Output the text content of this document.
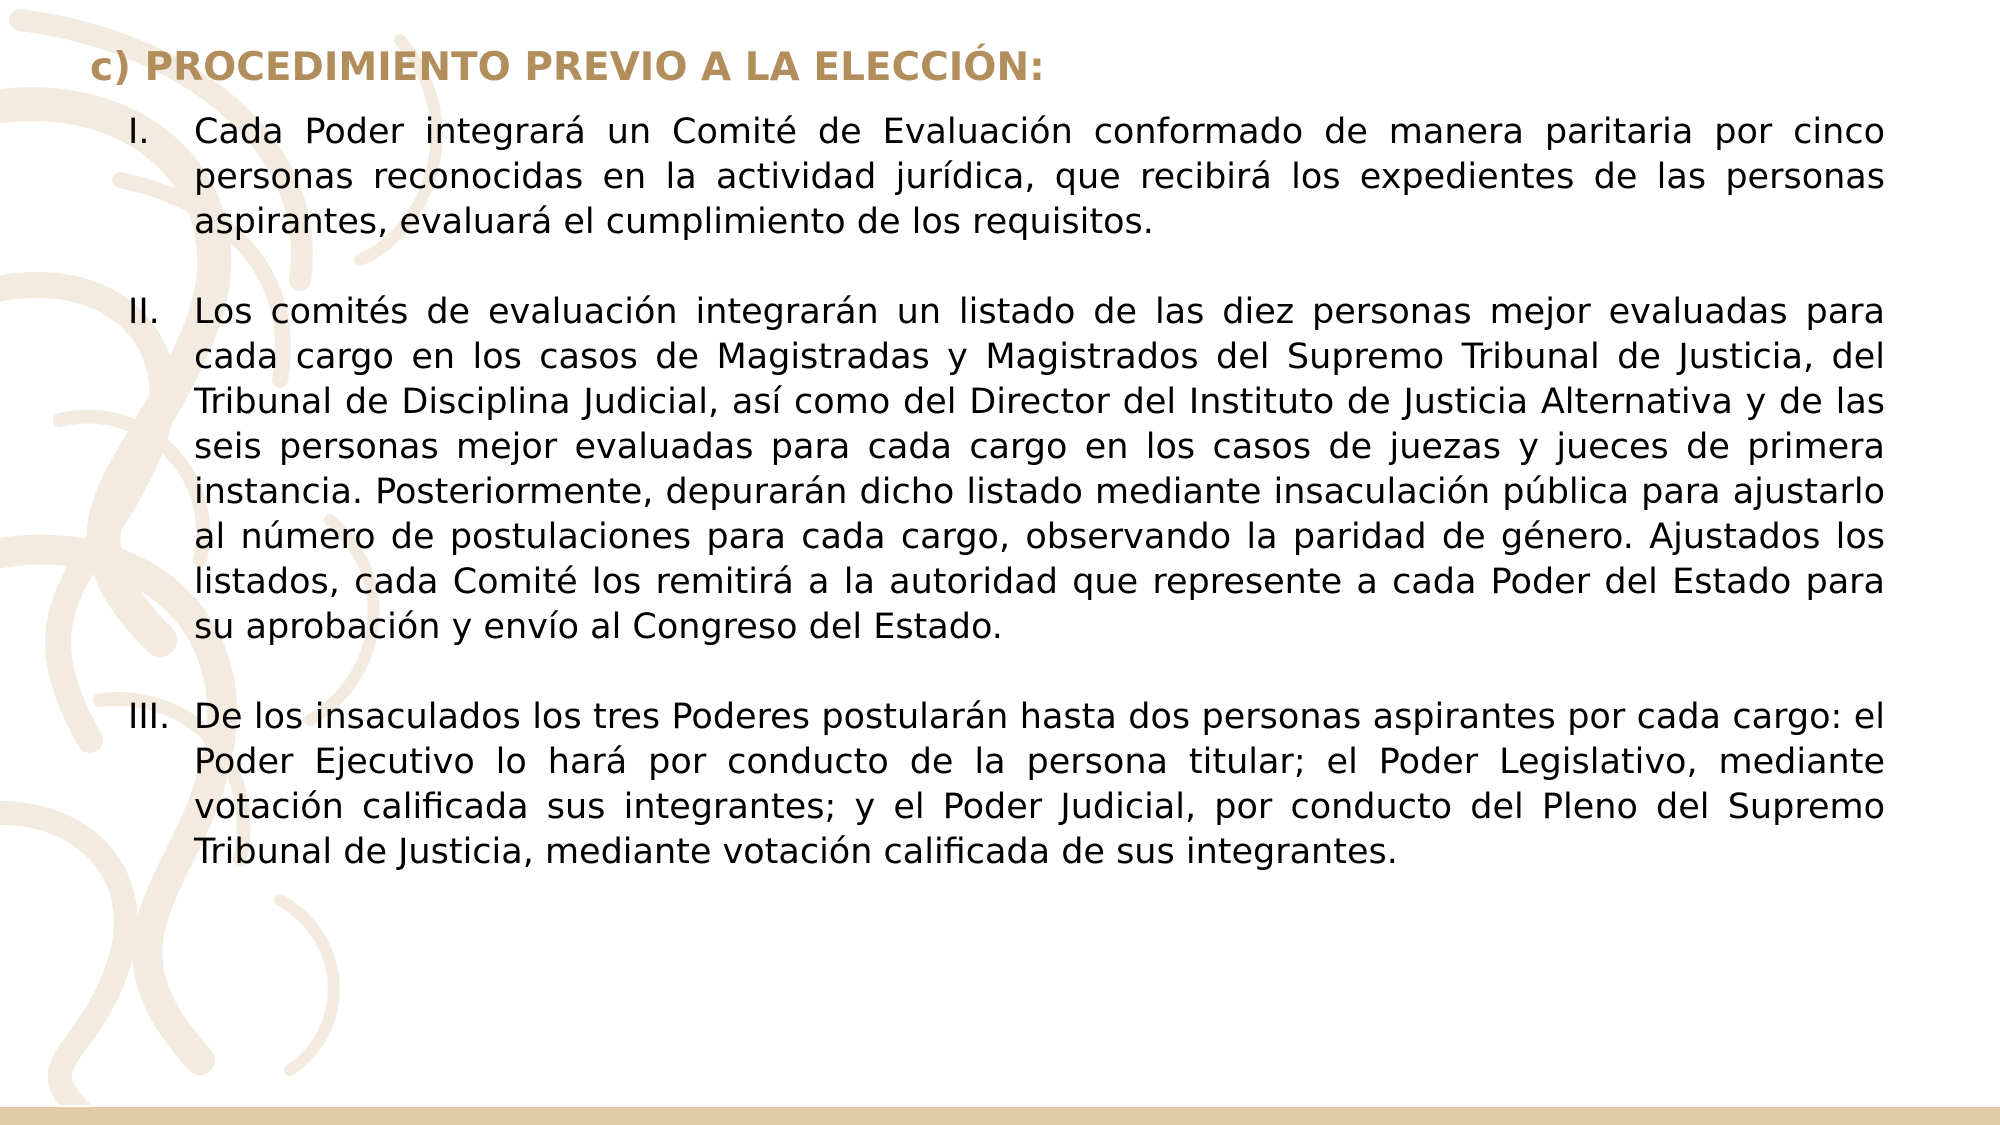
c) PROCEDIMIENTO PREVIO A LA ELECCIÓN:
I.	Cada Poder integrará un Comité de Evaluación conformado de manera paritaria por cinco personas reconocidas en la actividad jurídica, que recibirá los expedientes de las personas aspirantes, evaluará el cumplimiento de los requisitos.

II. Los comités de evaluación integrarán un listado de las diez personas mejor evaluadas para cada cargo en los casos de Magistradas y Magistrados del Supremo Tribunal de Justicia, del Tribunal de Disciplina Judicial, así como del Director del Instituto de Justicia Alternativa y de las seis personas mejor evaluadas para cada cargo en los casos de juezas y jueces de primera instancia. Posteriormente, depurarán dicho listado mediante insaculación pública para ajustarlo al número de postulaciones para cada cargo, observando la paridad de género. Ajustados los listados, cada Comité los remitirá a la autoridad que represente a cada Poder del Estado para su aprobación y envío al Congreso del Estado.

III. De los insaculados los tres Poderes postularán hasta dos personas aspirantes por cada cargo: el Poder Ejecutivo lo hará por conducto de la persona titular; el Poder Legislativo, mediante votación calificada sus integrantes; y el Poder Judicial, por conducto del Pleno del Supremo Tribunal de Justicia, mediante votación calificada de sus integrantes.
